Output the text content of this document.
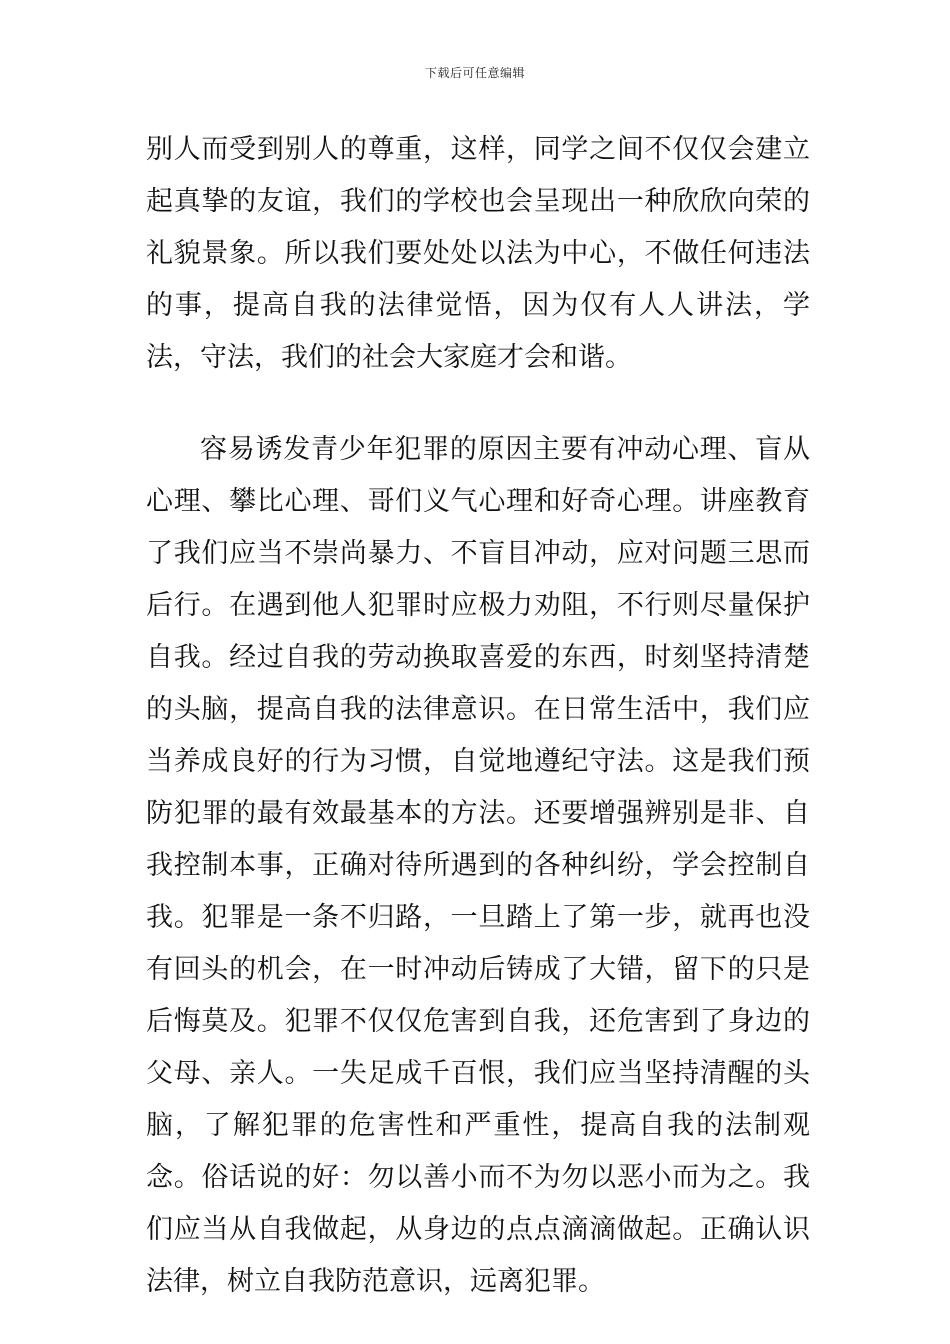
下载后可任意编辑

别人而受到别人的尊重，这样，同学之间不仅仅会建立起真挚的友谊，我们的学校也会呈现出一种欣欣向荣的礼貌景象。所以我们要处处以法为中心，不做任何违法的事，提高自我的法律觉悟，因为仅有人人讲法，学法，守法，我们的社会大家庭才会和谐。

容易诱发青少年犯罪的原因主要有冲动心理、盲从心理、攀比心理、哥们义气心理和好奇心理。讲座教育了我们应当不崇尚暴力、不盲目冲动，应对问题三思而后行。在遇到他人犯罪时应极力劝阻，不行则尽量保护自我。经过自我的劳动换取喜爱的东西，时刻坚持清楚的头脑，提高自我的法律意识。在日常生活中，我们应当养成良好的行为习惯，自觉地遵纪守法。这是我们预防犯罪的最有效最基本的方法。还要增强辨别是非、自我控制本事，正确对待所遇到的各种纠纷，学会控制自我。犯罪是一条不归路，一旦踏上了第一步，就再也没有回头的机会，在一时冲动后铸成了大错，留下的只是后悔莫及。犯罪不仅仅危害到自我，还危害到了身边的父母、亲人。一失足成千百恨，我们应当坚持清醒的头脑，了解犯罪的危害性和严重性，提高自我的法制观念。俗话说的好：勿以善小而不为勿以恶小而为之。我们应当从自我做起，从身边的点点滴滴做起。正确认识法律，树立自我防范意识，远离犯罪。
